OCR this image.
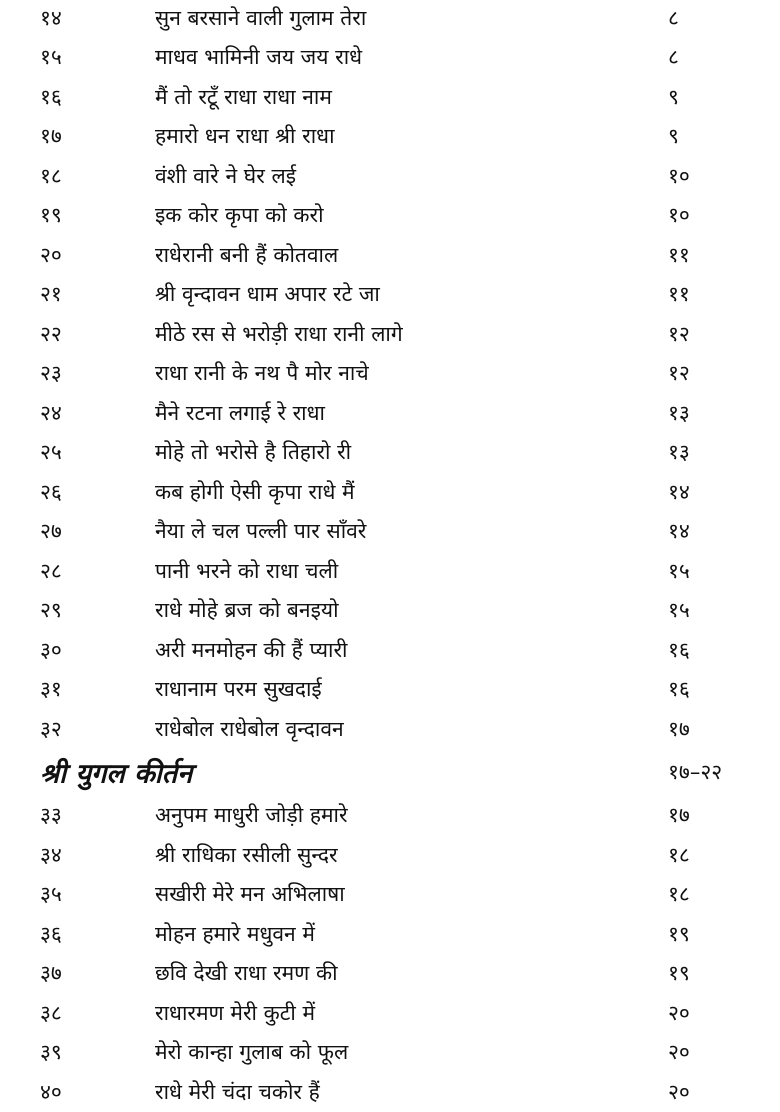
१४	सुन बरसाने वाली गुलाम तेरा	८
१५	माधव भामिनी जय जय राधे	८
१६	मैं तो रटूँ राधा राधा नाम	९
१७	हमारो धन राधा श्री राधा	९
१८	वंशी वारे ने घेर लई	१०
१९	इक कोर कृपा को करो	१०
२०	राधेरानी बनी हैं कोतवाल	११
२१	श्री वृन्दावन धाम अपार रटे जा	११
२२	मीठे रस से भरोड़ी राधा रानी लागे	१२
२३	राधा रानी के नथ पै मोर नाचे	१२
२४	मैने रटना लगाई रे राधा	१३
२५	मोहे तो भरोसे है तिहारो री	१३
२६	कब होगी ऐसी कृपा राधे मैं	१४
२७	नैया ले चल पल्ली पार साँवरे	१४
२८	पानी भरने को राधा चली	१५
२९	राधे मोहे ब्रज को बनइयो	१५
३०	अरी मनमोहन की हैं प्यारी	१६
३१	राधानाम परम सुखदाई	१६
३२	राधेबोल राधेबोल वृन्दावन	१७
श्री युगल कीर्तन	१७–२२
३३	अनुपम माधुरी जोड़ी हमारे	१७
३४	श्री राधिका रसीली सुन्दर	१८
३५	सखीरी मेरे मन अभिलाषा	१८
३६	मोहन हमारे मधुवन में	१९
३७	छवि देखी राधा रमण की	१९
३८	राधारमण मेरी कुटी में	२०
३९	मेरो कान्हा गुलाब को फूल	२०
४०	राधे मेरी चंदा चकोर हैं	२०
